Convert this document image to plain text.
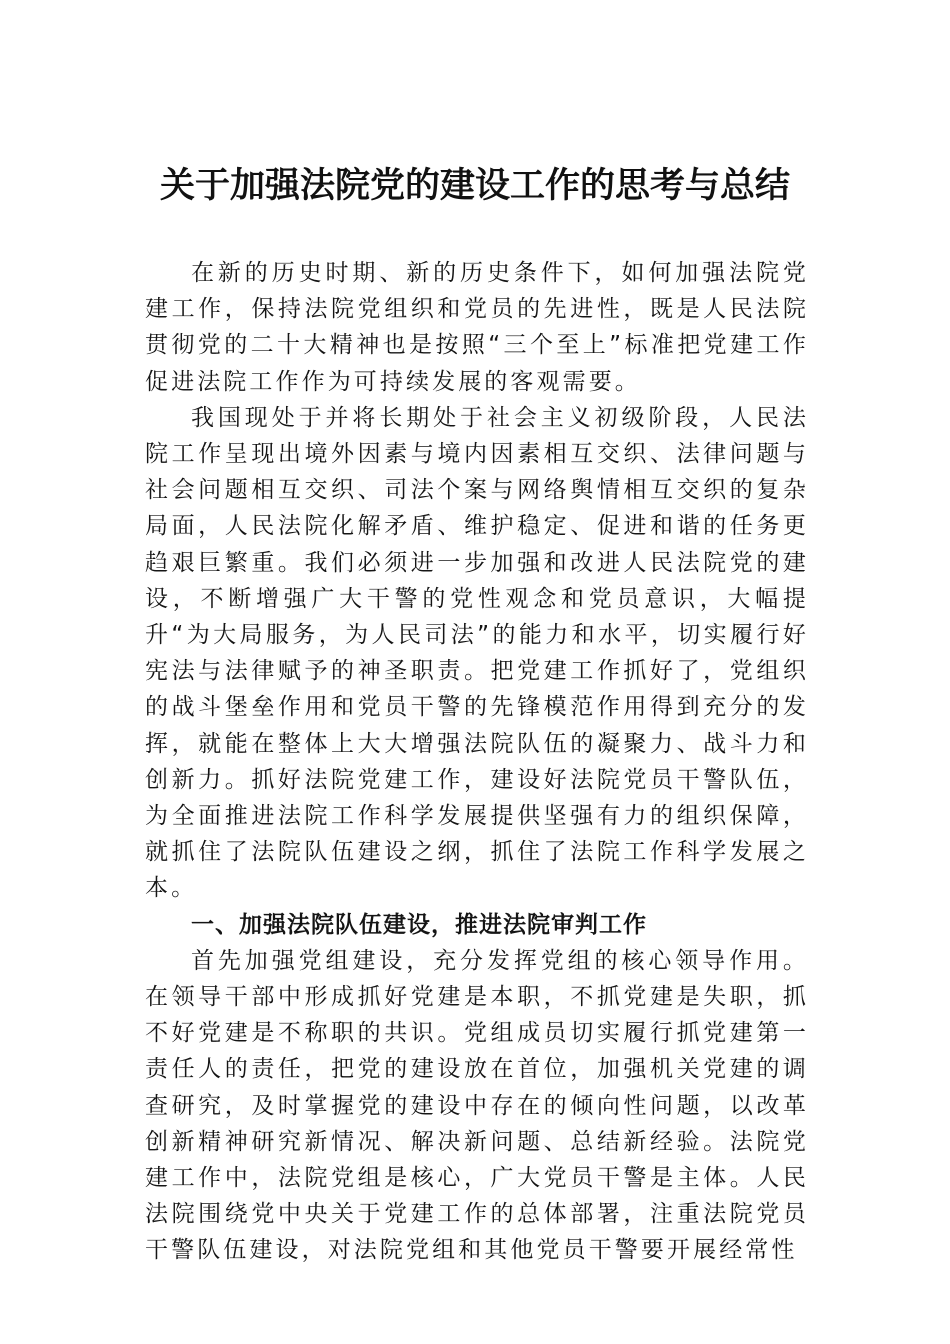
关于加强法院党的建设工作的思考与总结

在新的历史时期、新的历史条件下，如何加强法院党建工作，保持法院党组织和党员的先进性，既是人民法院贯彻党的二十大精神也是按照“三个至上”标准把党建工作促进法院工作作为可持续发展的客观需要。

我国现处于并将长期处于社会主义初级阶段，人民法院工作呈现出境外因素与境内因素相互交织、法律问题与社会问题相互交织、司法个案与网络舆情相互交织的复杂局面，人民法院化解矛盾、维护稳定、促进和谐的任务更趋艰巨繁重。我们必须进一步加强和改进人民法院党的建设，不断增强广大干警的党性观念和党员意识，大幅提升“为大局服务，为人民司法”的能力和水平，切实履行好宪法与法律赋予的神圣职责。把党建工作抓好了，党组织的战斗堡垒作用和党员干警的先锋模范作用得到充分的发挥，就能在整体上大大增强法院队伍的凝聚力、战斗力和创新力。抓好法院党建工作，建设好法院党员干警队伍，为全面推进法院工作科学发展提供坚强有力的组织保障，就抓住了法院队伍建设之纲，抓住了法院工作科学发展之本。

一、加强法院队伍建设，推进法院审判工作

首先加强党组建设，充分发挥党组的核心领导作用。在领导干部中形成抓好党建是本职，不抓党建是失职，抓不好党建是不称职的共识。党组成员切实履行抓党建第一责任人的责任，把党的建设放在首位，加强机关党建的调查研究，及时掌握党的建设中存在的倾向性问题，以改革创新精神研究新情况、解决新问题、总结新经验。法院党建工作中，法院党组是核心，广大党员干警是主体。人民法院围绕党中央关于党建工作的总体部署，注重法院党员干警队伍建设，对法院党组和其他党员干警要开展经常性
